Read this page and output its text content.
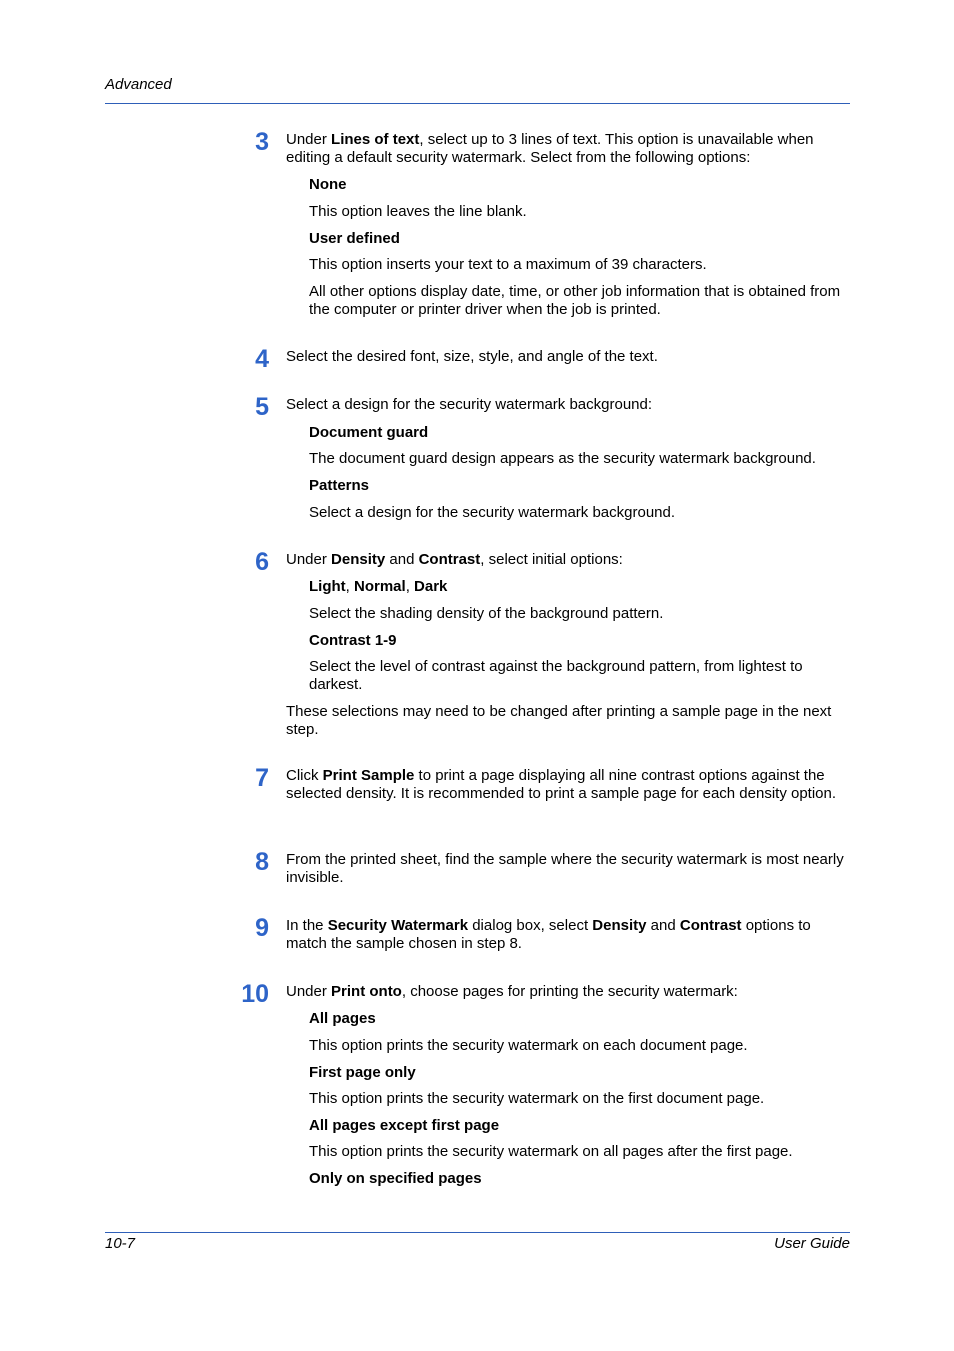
Advanced
3 Under Lines of text, select up to 3 lines of text. This option is unavailable when editing a default security watermark. Select from the following options:
None
This option leaves the line blank.
User defined
This option inserts your text to a maximum of 39 characters.
All other options display date, time, or other job information that is obtained from the computer or printer driver when the job is printed.
4 Select the desired font, size, style, and angle of the text.
5 Select a design for the security watermark background:
Document guard
The document guard design appears as the security watermark background.
Patterns
Select a design for the security watermark background.
6 Under Density and Contrast, select initial options:
Light, Normal, Dark
Select the shading density of the background pattern.
Contrast 1-9
Select the level of contrast against the background pattern, from lightest to darkest.
These selections may need to be changed after printing a sample page in the next step.
7 Click Print Sample to print a page displaying all nine contrast options against the selected density. It is recommended to print a sample page for each density option.
8 From the printed sheet, find the sample where the security watermark is most nearly invisible.
9 In the Security Watermark dialog box, select Density and Contrast options to match the sample chosen in step 8.
10 Under Print onto, choose pages for printing the security watermark:
All pages
This option prints the security watermark on each document page.
First page only
This option prints the security watermark on the first document page.
All pages except first page
This option prints the security watermark on all pages after the first page.
Only on specified pages
10-7	User Guide
